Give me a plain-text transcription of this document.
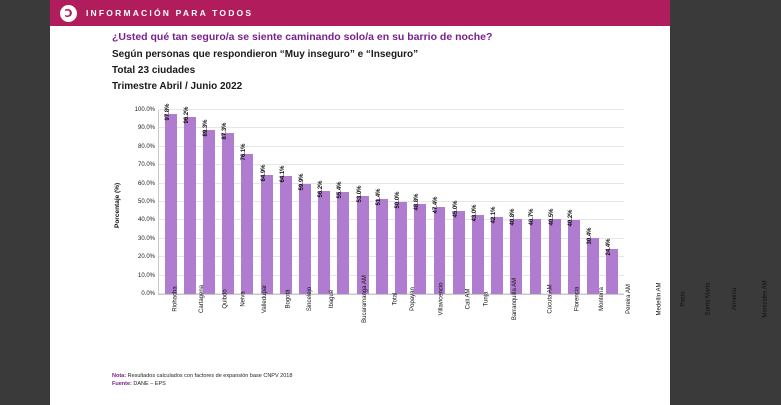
Ɔ	INFORMACIÓN PARA TODOS

¿Usted qué tan seguro/a se siente caminando solo/a en su barrio de noche?

Según personas que respondieron “Muy inseguro” e “Inseguro”

Total 23 ciudades

Trimestre Abril / Junio 2022

Porcentaje (%)
0.0%
10.0%
20.0%
30.0%
40.0%
50.0%
60.0%
70.0%
80.0%
90.0%
100.0% 97.8% 96.2%
89.3% 87.3%
76.1%
64.9% 64.1% 59.9% 56.2% 55.4% 53.0% 51.4% 50.0% 48.8% 47.4% 45.0% 43.0% 42.1% 40.8% 40.7% 40.5% 40.2%
30.4%
24.4%
Riohacha	Cartagena	Quibdó Neiva	Valledupar	Bogotá	Sincelejo	Ibagué	Bucaramanga AM	Total Popayán	Villavicencio	Cali AM Tunja	Barranquilla AM	Cúcuta AM	Florencia	Montería	Pereira AM	Medellín AM	Pasto	Santa Marta	Armenia	Manizales AM
Nota: Resultados calculados con factores de expansión base CNPV 2018
Fuente: DANE – EPS
